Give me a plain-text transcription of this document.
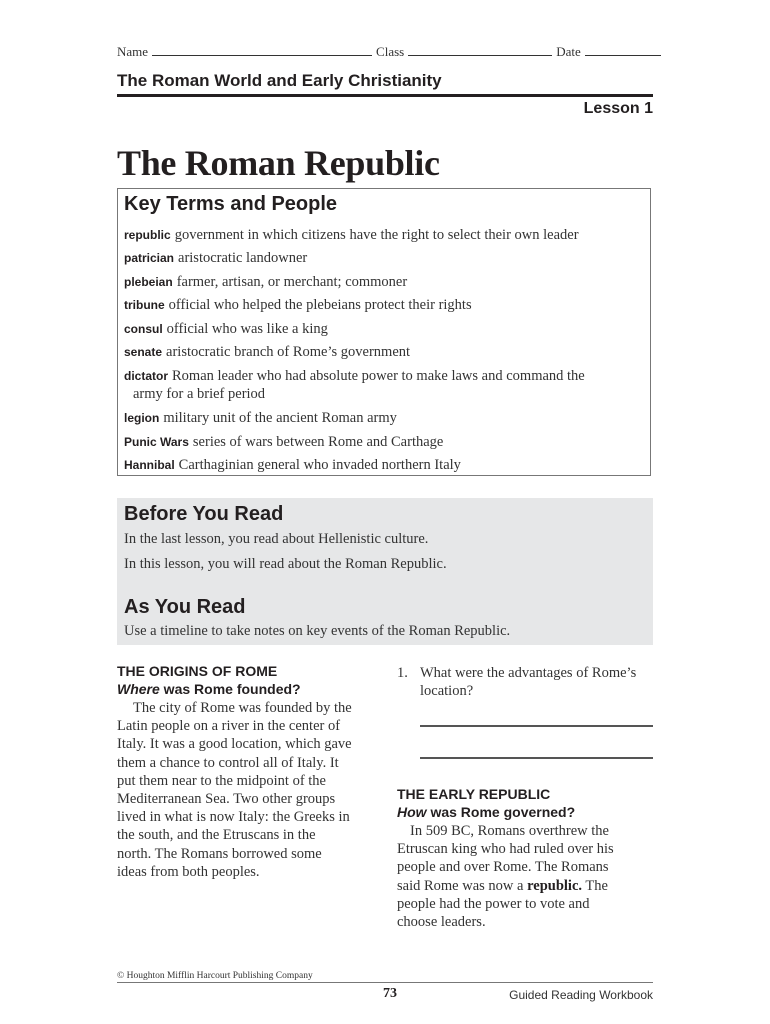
Name	Class	Date
The Roman World and Early Christianity
Lesson 1
The Roman Republic
Key Terms and People
republic government in which citizens have the right to select their own leader
patrician aristocratic landowner
plebeian farmer, artisan, or merchant; commoner
tribune official who helped the plebeians protect their rights
consul official who was like a king
senate aristocratic branch of Rome’s government
dictator Roman leader who had absolute power to make laws and command the
army for a brief period
legion military unit of the ancient Roman army
Punic Wars series of wars between Rome and Carthage
Hannibal Carthaginian general who invaded northern Italy
Before You Read
In the last lesson, you read about Hellenistic culture.
In this lesson, you will read about the Roman Republic.
As You Read
Use a timeline to take notes on key events of the Roman Republic.
THE ORIGINS OF ROME
Where was Rome founded?
The city of Rome was founded by the
Latin people on a river in the center of
Italy. It was a good location, which gave
them a chance to control all of Italy. It
put them near to the midpoint of the
Mediterranean Sea. Two other groups
lived in what is now Italy: the Greeks in
the south, and the Etruscans in the
north. The Romans borrowed some
ideas from both peoples.
1. What were the advantages of Rome’s
location?
THE EARLY REPUBLIC
How was Rome governed?
In 509 BC, Romans overthrew the
Etruscan king who had ruled over his
people and over Rome. The Romans
said Rome was now a republic. The
people had the power to vote and
choose leaders.
© Houghton Mifflin Harcourt Publishing Company
73	Guided Reading Workbook
